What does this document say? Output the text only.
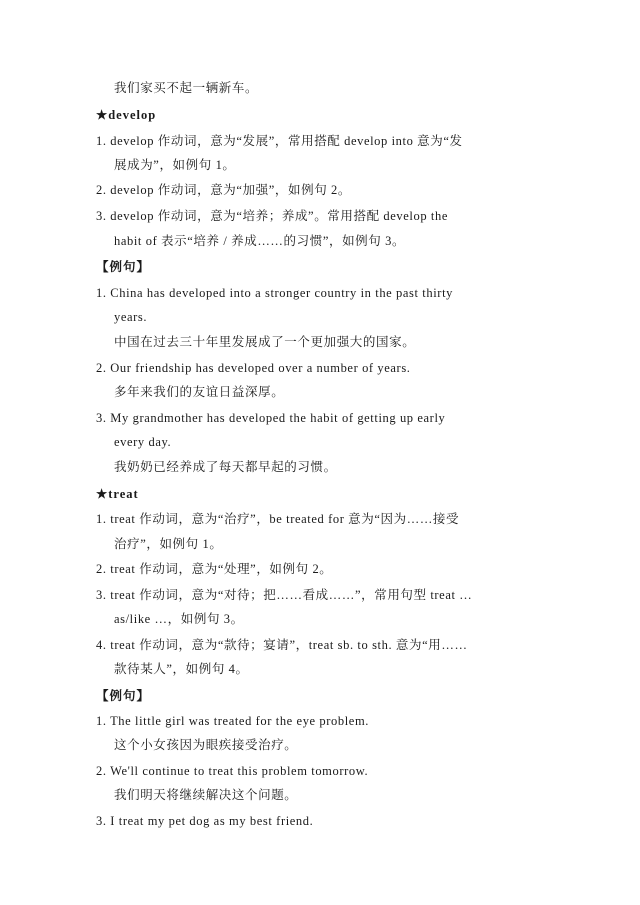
我们家买不起一辆新车。
★develop
1. develop 作动词，意为“发展”，常用搭配 develop into 意为“发
展成为”，如例句 1。
2. develop 作动词，意为“加强”，如例句 2。
3. develop 作动词，意为“培养；养成”。常用搭配 develop the
habit of 表示“培养 / 养成……的习惯”，如例句 3。
【例句】
1. China has developed into a stronger country in the past thirty
years.
中国在过去三十年里发展成了一个更加强大的国家。
2. Our friendship has developed over a number of years.
多年来我们的友谊日益深厚。
3. My grandmother has developed the habit of getting up early
every day.
我奶奶已经养成了每天都早起的习惯。
★treat
1. treat 作动词，意为“治疗”，be treated for 意为“因为……接受
治疗”，如例句 1。
2. treat 作动词，意为“处理”，如例句 2。
3. treat 作动词，意为“对待；把……看成……”，常用句型 treat …
as/like …，如例句 3。
4. treat 作动词，意为“款待；宴请”，treat sb. to sth. 意为“用……
款待某人”，如例句 4。
【例句】
1. The little girl was treated for the eye problem.
这个小女孩因为眼疾接受治疗。
2. We'll continue to treat this problem tomorrow.
我们明天将继续解决这个问题。
3. I treat my pet dog as my best friend.
